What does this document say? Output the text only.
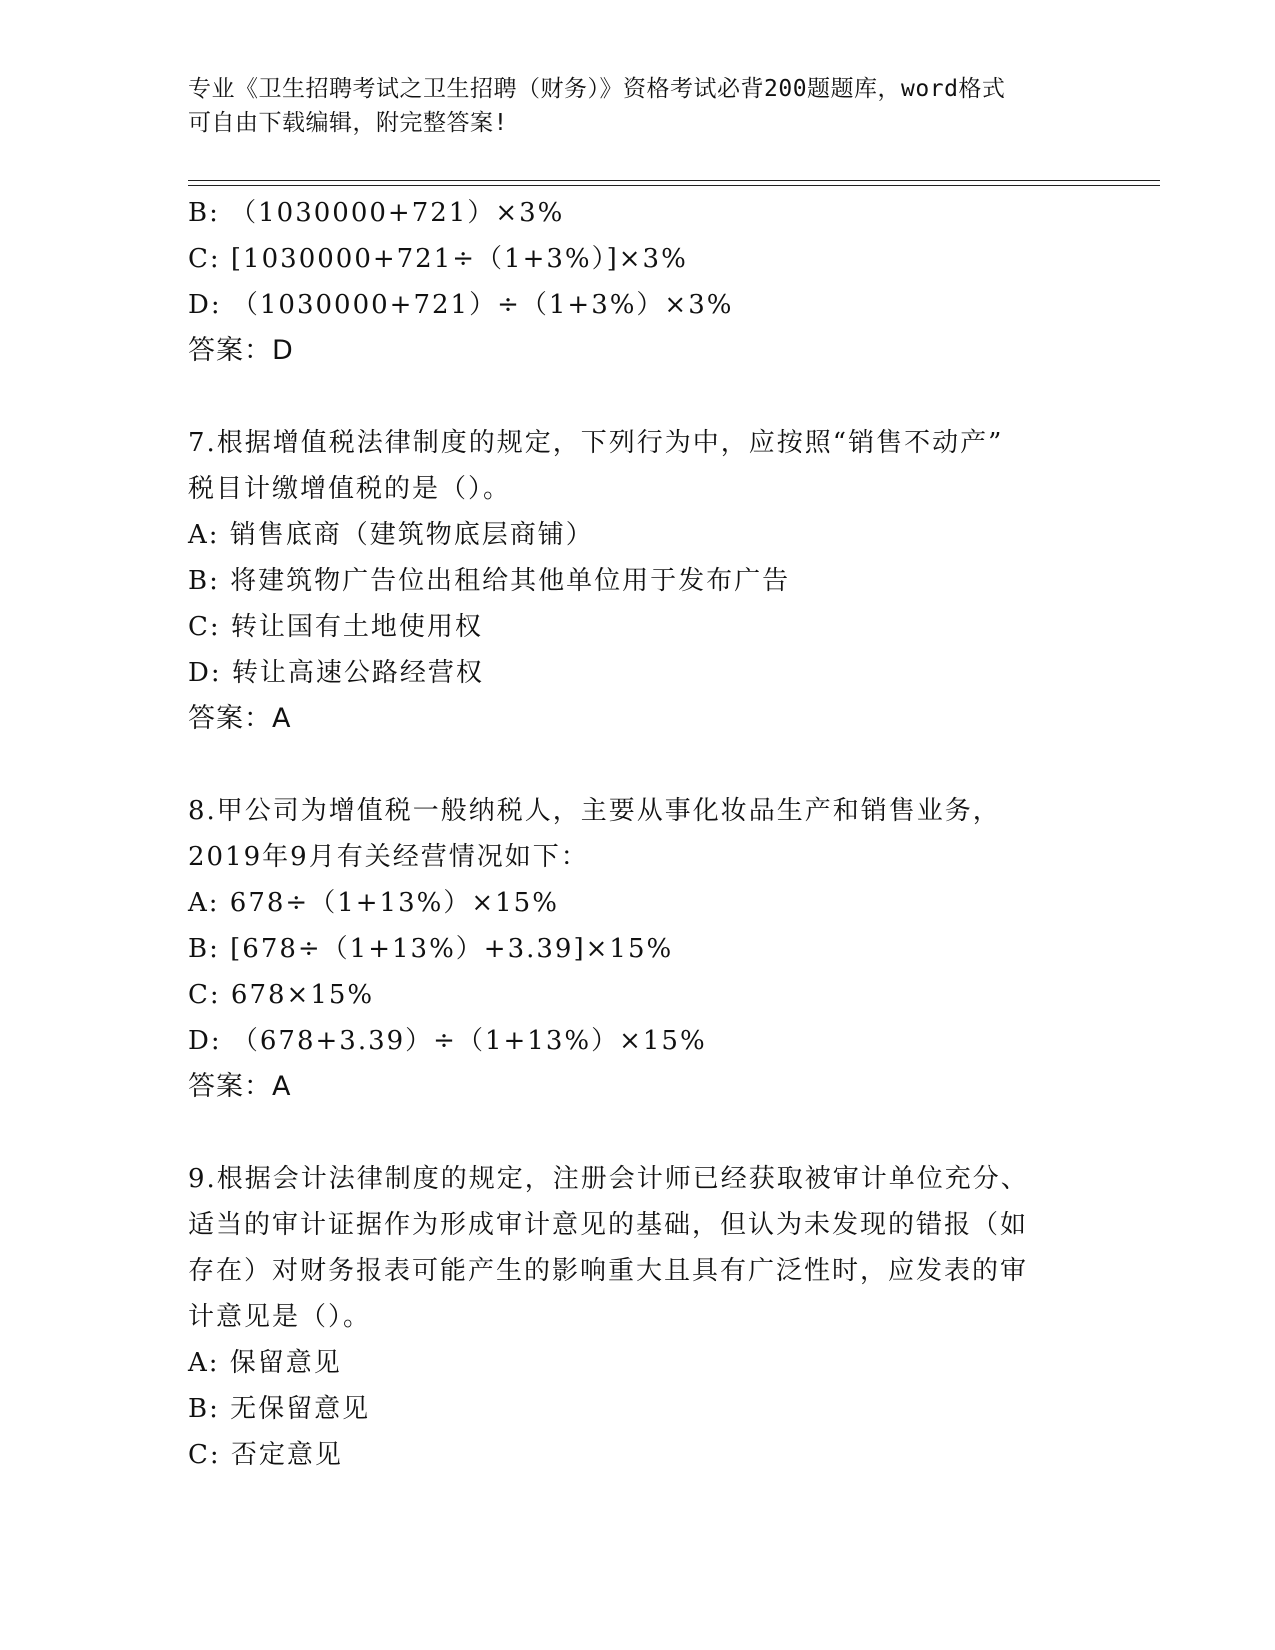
专业《卫生招聘考试之卫生招聘（财务）》资格考试必背200题题库，word格式
可自由下载编辑，附完整答案!
B: （1030000+721）×3%
C: [1030000+721÷（1+3%）]×3%
D: （1030000+721）÷（1+3%）×3%
答案：D
7.根据增值税法律制度的规定，下列行为中，应按照“销售不动产”
税目计缴增值税的是（）。
A: 销售底商（建筑物底层商铺）
B: 将建筑物广告位出租给其他单位用于发布广告
C: 转让国有土地使用权
D: 转让高速公路经营权
答案：A
8.甲公司为增值税一般纳税人，主要从事化妆品生产和销售业务，
2019年9月有关经营情况如下：
A: 678÷（1+13%）×15%
B: [678÷（1+13%）+3.39]×15%
C: 678×15%
D: （678+3.39）÷（1+13%）×15%
答案：A
9.根据会计法律制度的规定，注册会计师已经获取被审计单位充分、
适当的审计证据作为形成审计意见的基础，但认为未发现的错报（如
存在）对财务报表可能产生的影响重大且具有广泛性时，应发表的审
计意见是（）。
A: 保留意见
B: 无保留意见
C: 否定意见
